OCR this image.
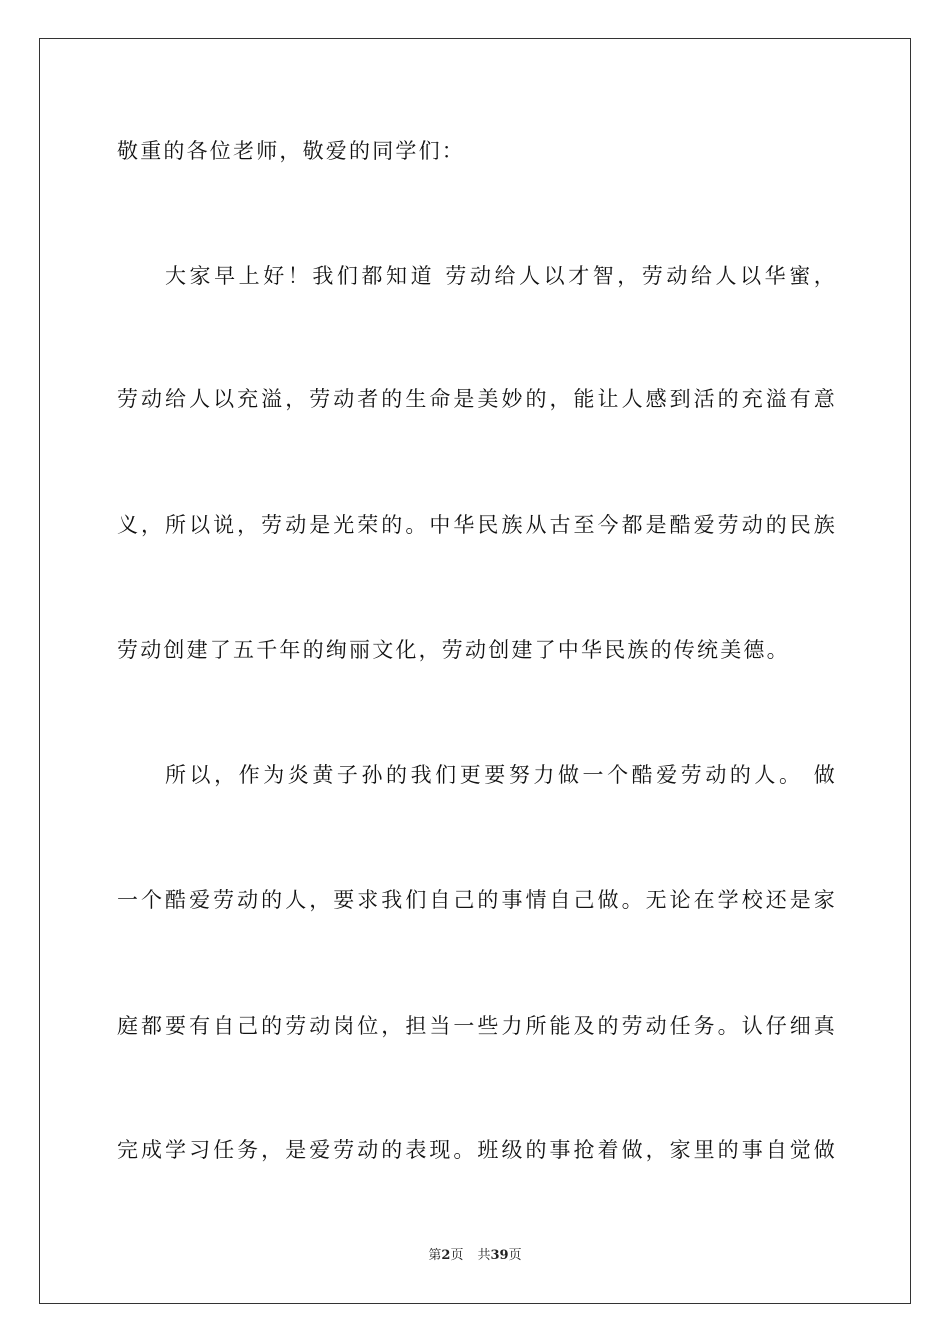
敬重的各位老师，敬爱的同学们：
大家早上好！我们都知道 劳动给人以才智，劳动给人以华蜜，
劳动给人以充溢，劳动者的生命是美妙的，能让人感到活的充溢有意
义，所以说，劳动是光荣的。中华民族从古至今都是酷爱劳动的民族
劳动创建了五千年的绚丽文化，劳动创建了中华民族的传统美德。
所以，作为炎黄子孙的我们更要努力做一个酷爱劳动的人。 做
一个酷爱劳动的人，要求我们自己的事情自己做。无论在学校还是家
庭都要有自己的劳动岗位，担当一些力所能及的劳动任务。认仔细真
完成学习任务，是爱劳动的表现。班级的事抢着做，家里的事自觉做
第2页 共39页
